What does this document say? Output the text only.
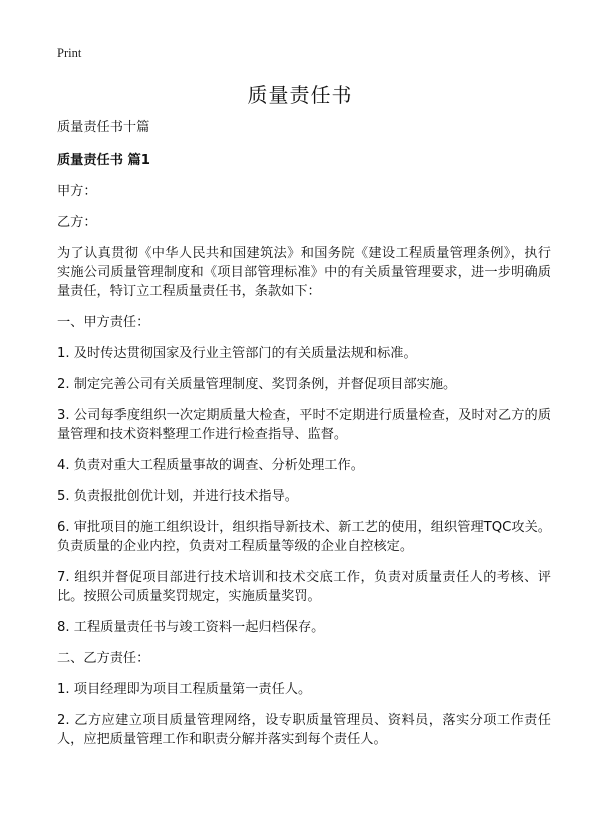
Print
质量责任书

质量责任书十篇

质量责任书 篇1

甲方：

乙方：

为了认真贯彻《中华人民共和国建筑法》和国务院《建设工程质量管理条例》，执行实施公司质量管理制度和《项目部管理标准》中的有关质量管理要求，进一步明确质量责任，特订立工程质量责任书，条款如下：

一、甲方责任：

1. 及时传达贯彻国家及行业主管部门的有关质量法规和标准。

2. 制定完善公司有关质量管理制度、奖罚条例，并督促项目部实施。

3. 公司每季度组织一次定期质量大检查，平时不定期进行质量检查，及时对乙方的质量管理和技术资料整理工作进行检查指导、监督。

4. 负责对重大工程质量事故的调查、分析处理工作。

5. 负责报批创优计划，并进行技术指导。

6. 审批项目的施工组织设计，组织指导新技术、新工艺的使用，组织管理TQC攻关。负责质量的企业内控，负责对工程质量等级的企业自控核定。

7. 组织并督促项目部进行技术培训和技术交底工作，负责对质量责任人的考核、评比。按照公司质量奖罚规定，实施质量奖罚。

8. 工程质量责任书与竣工资料一起归档保存。

二、乙方责任：

1. 项目经理即为项目工程质量第一责任人。

2. 乙方应建立项目质量管理网络，设专职质量管理员、资料员，落实分项工作责任人，应把质量管理工作和职责分解并落实到每个责任人。
